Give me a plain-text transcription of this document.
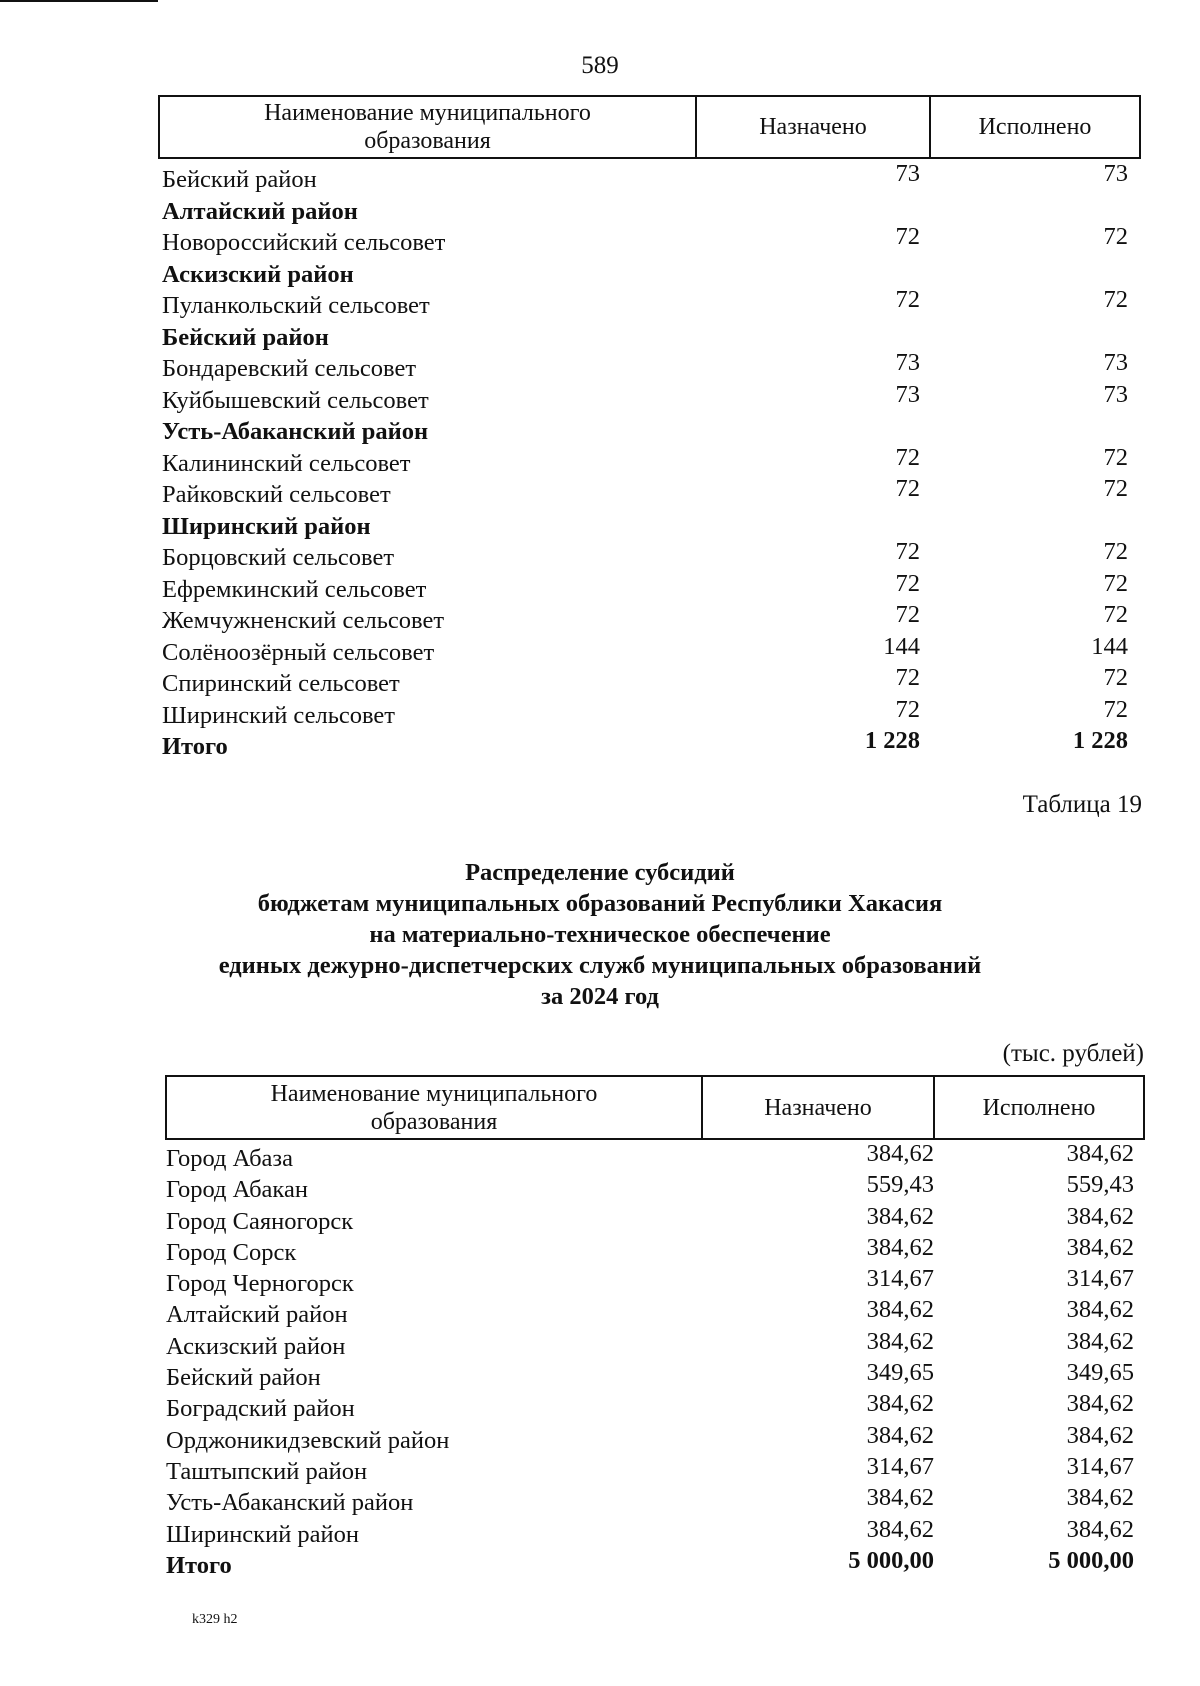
589
Наименование муниципального образования
Назначено	Исполнено
Бейский район	73	73
Алтайский район
Новороссийский сельсовет	72	72
Аскизский район
Пуланкольский сельсовет	72	72
Бейский район
Бондаревский сельсовет	73	73
Куйбышевский сельсовет	73	73
Усть-Абаканский район
Калининский сельсовет	72	72
Райковский сельсовет	72	72
Ширинский район
Борцовский сельсовет	72	72
Ефремкинский сельсовет	72	72
Жемчужненский сельсовет	72	72
Солёноозёрный сельсовет	144	144
Спиринский сельсовет	72	72
Ширинский сельсовет	72	72
Итого	1 228	1 228
Таблица 19
Распределение субсидий
бюджетам муниципальных образований Республики Хакасия
на материально-техническое обеспечение
единых дежурно-диспетчерских служб муниципальных образований
за 2024 год
(тыс. рублей)
Наименование муниципального образования
Назначено	Исполнено
Город Абаза	384,62	384,62
Город Абакан	559,43	559,43
Город Саяногорск	384,62	384,62
Город Сорск	384,62	384,62
Город Черногорск	314,67	314,67
Алтайский район	384,62	384,62
Аскизский район	384,62	384,62
Бейский район	349,65	349,65
Боградский район	384,62	384,62
Орджоникидзевский район	384,62	384,62
Таштыпский район	314,67	314,67
Усть-Абаканский район	384,62	384,62
Ширинский район	384,62	384,62
Итого	5 000,00	5 000,00
k329 h2
